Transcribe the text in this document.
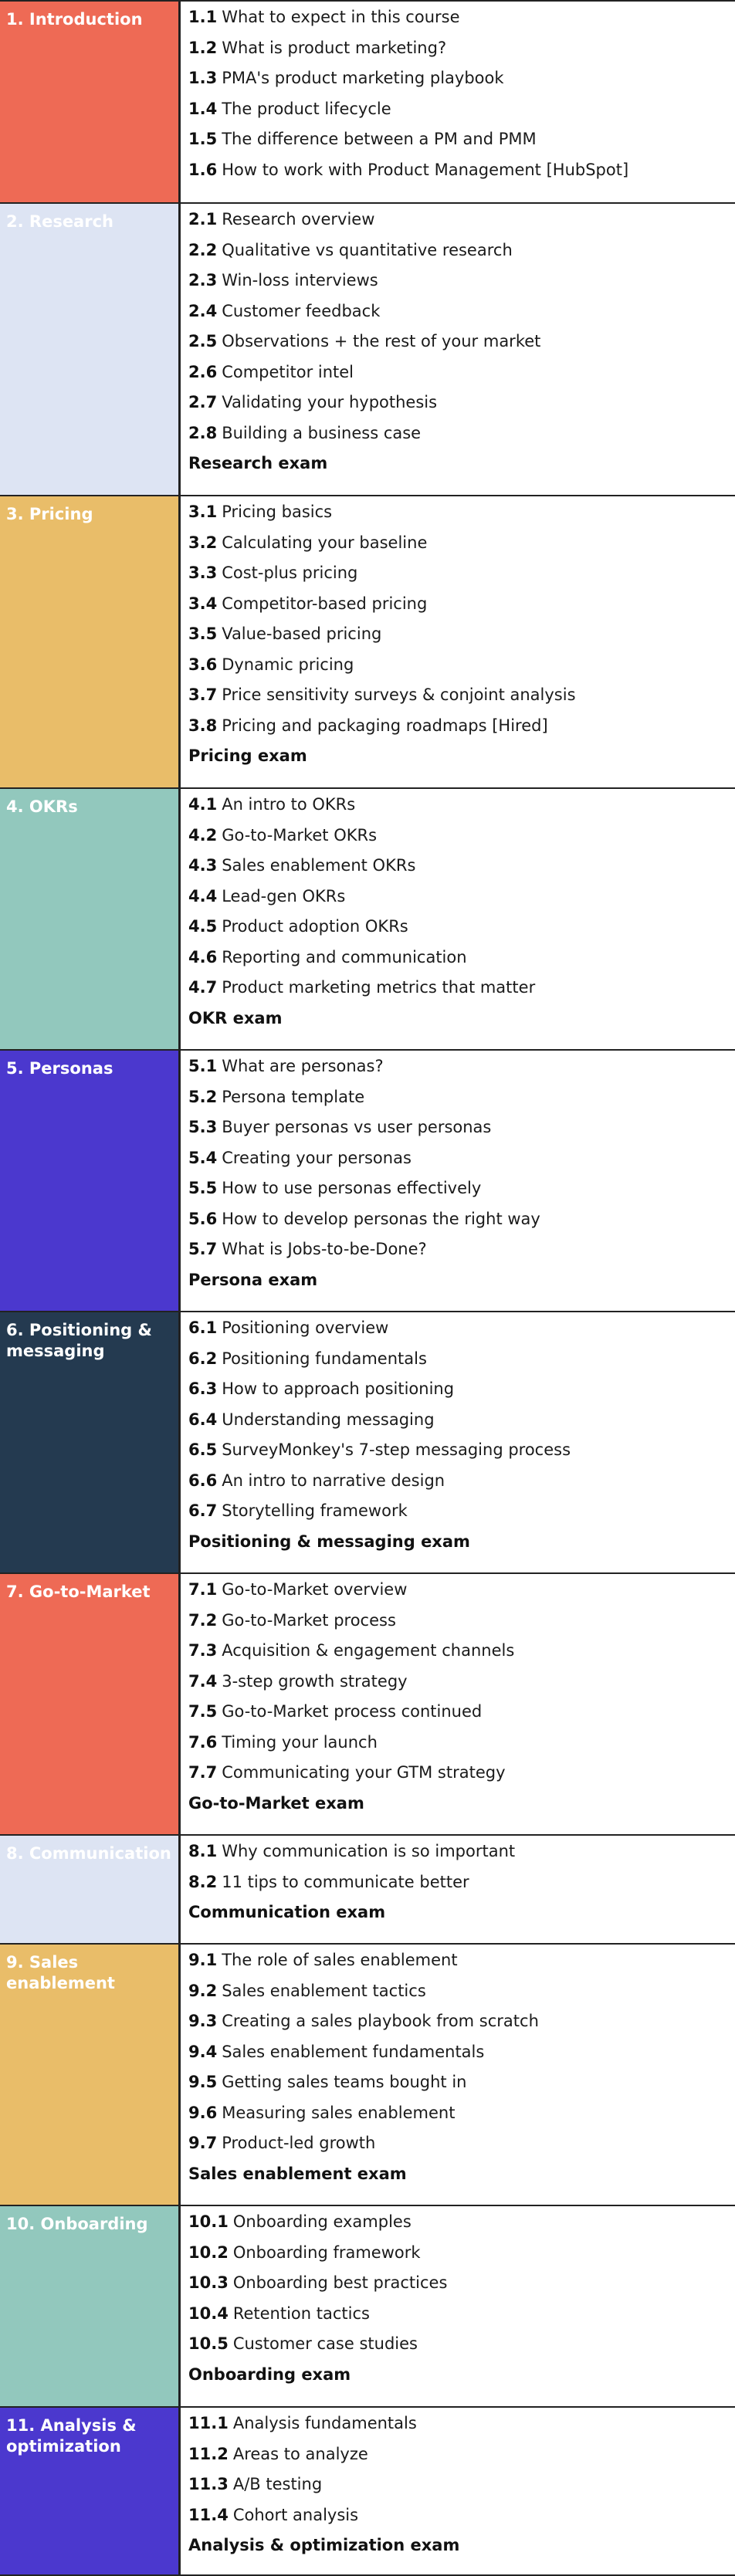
1. Introduction	1.1 What to expect in this course
1.2 What is product marketing?
1.3 PMA's product marketing playbook
1.4 The product lifecycle
1.5 The difference between a PM and PMM
1.6 How to work with Product Management [HubSpot]
2. Research	2.1 Research overview
2.2 Qualitative vs quantitative research
2.3 Win-loss interviews
2.4 Customer feedback
2.5 Observations + the rest of your market
2.6 Competitor intel
2.7 Validating your hypothesis
2.8 Building a business case
Research exam
3. Pricing	3.1 Pricing basics
3.2 Calculating your baseline
3.3 Cost-plus pricing
3.4 Competitor-based pricing
3.5 Value-based pricing
3.6 Dynamic pricing
3.7 Price sensitivity surveys & conjoint analysis
3.8 Pricing and packaging roadmaps [Hired]
Pricing exam
4. OKRs	4.1 An intro to OKRs
4.2 Go-to-Market OKRs
4.3 Sales enablement OKRs
4.4 Lead-gen OKRs
4.5 Product adoption OKRs
4.6 Reporting and communication
4.7 Product marketing metrics that matter
OKR exam
5. Personas	5.1 What are personas?
5.2 Persona template
5.3 Buyer personas vs user personas
5.4 Creating your personas
5.5 How to use personas effectively
5.6 How to develop personas the right way
5.7 What is Jobs-to-be-Done?
Persona exam
6. Positioning & messaging
6.1 Positioning overview
6.2 Positioning fundamentals
6.3 How to approach positioning
6.4 Understanding messaging
6.5 SurveyMonkey's 7-step messaging process
6.6 An intro to narrative design
6.7 Storytelling framework
Positioning & messaging exam
7. Go-to-Market	7.1 Go-to-Market overview
7.2 Go-to-Market process
7.3 Acquisition & engagement channels
7.4 3-step growth strategy
7.5 Go-to-Market process continued
7.6 Timing your launch
7.7 Communicating your GTM strategy
Go-to-Market exam
8. Communication 8.1 Why communication is so important
8.2 11 tips to communicate better
Communication exam
9. Sales enablement
9.1 The role of sales enablement
9.2 Sales enablement tactics
9.3 Creating a sales playbook from scratch
9.4 Sales enablement fundamentals
9.5 Getting sales teams bought in
9.6 Measuring sales enablement
9.7 Product-led growth
Sales enablement exam
10. Onboarding	10.1 Onboarding examples
10.2 Onboarding framework
10.3 Onboarding best practices
10.4 Retention tactics
10.5 Customer case studies
Onboarding exam
11. Analysis & optimization
11.1 Analysis fundamentals
11.2 Areas to analyze
11.3 A/B testing
11.4 Cohort analysis
Analysis & optimization exam
